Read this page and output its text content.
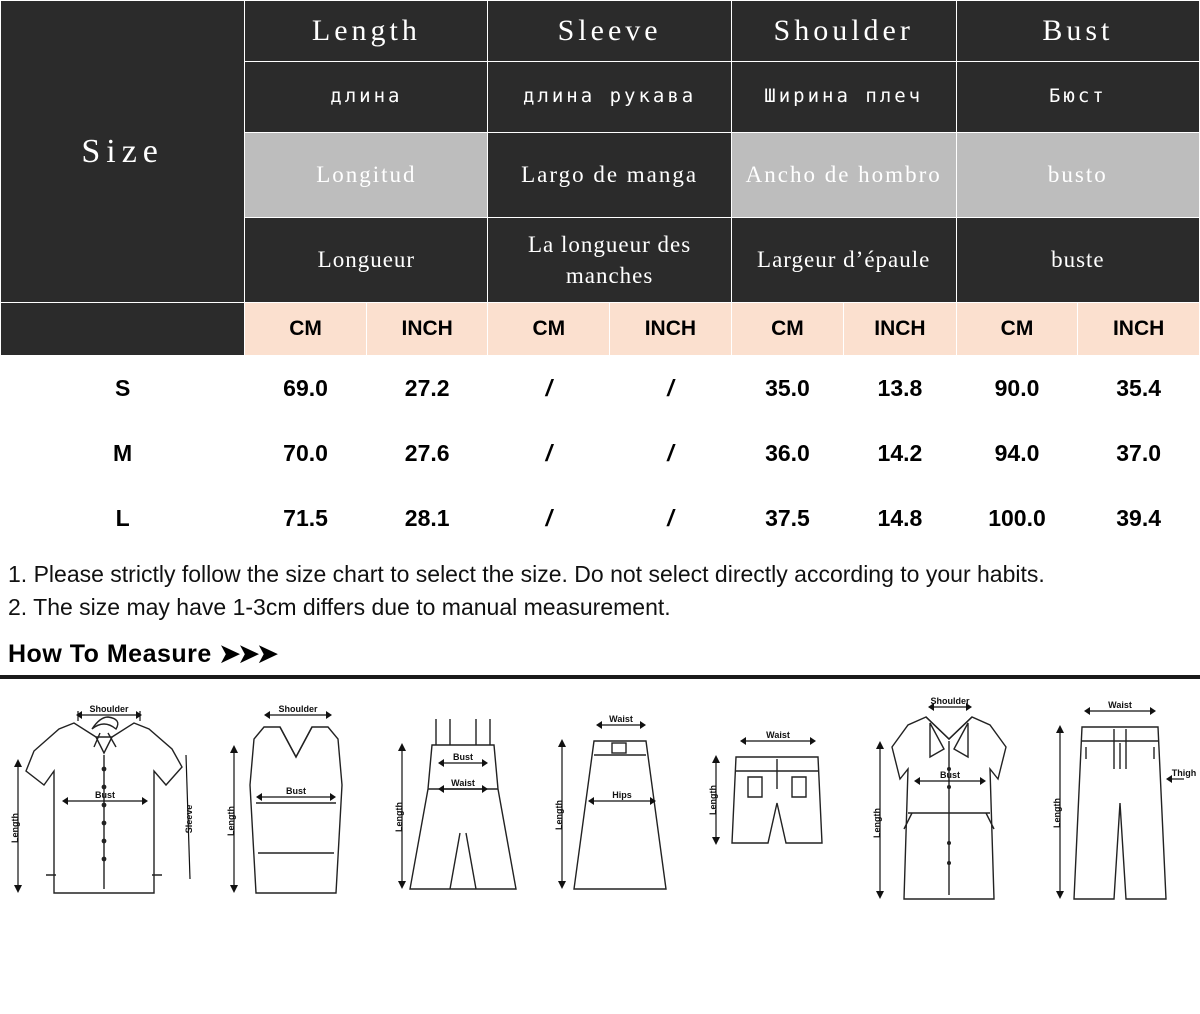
Size	Length		Sleeve		Shoulder		Bust	
	длина		длина рукава		Ширина плеч		Бюст	
	Longitud		Largo de manga		Ancho de hombro		busto	
	Longueur		La longueur des manches		Largeur d’épaule		buste	
	CM	INCH	CM	INCH	CM	INCH	CM	INCH
S	69.0	27.2	/	/	35.0	13.8	90.0	35.4
M	70.0	27.6	/	/	36.0	14.2	94.0	37.0
L	71.5	28.1	/	/	37.5	14.8	100.0	39.4

1. Please strictly follow the size chart to select the size. Do not select directly according to your habits.

2. The size may have 1-3cm differs due to manual measurement.

How To Measure ➤➤➤
Shoulder
Bust
Length	Sleeve
Shoulder
Bust
Length
Bust
Waist
Length
Waist
Hips
Length
Waist
Length
Shoulder
Bust
Length
Waist
Thigh
Length
